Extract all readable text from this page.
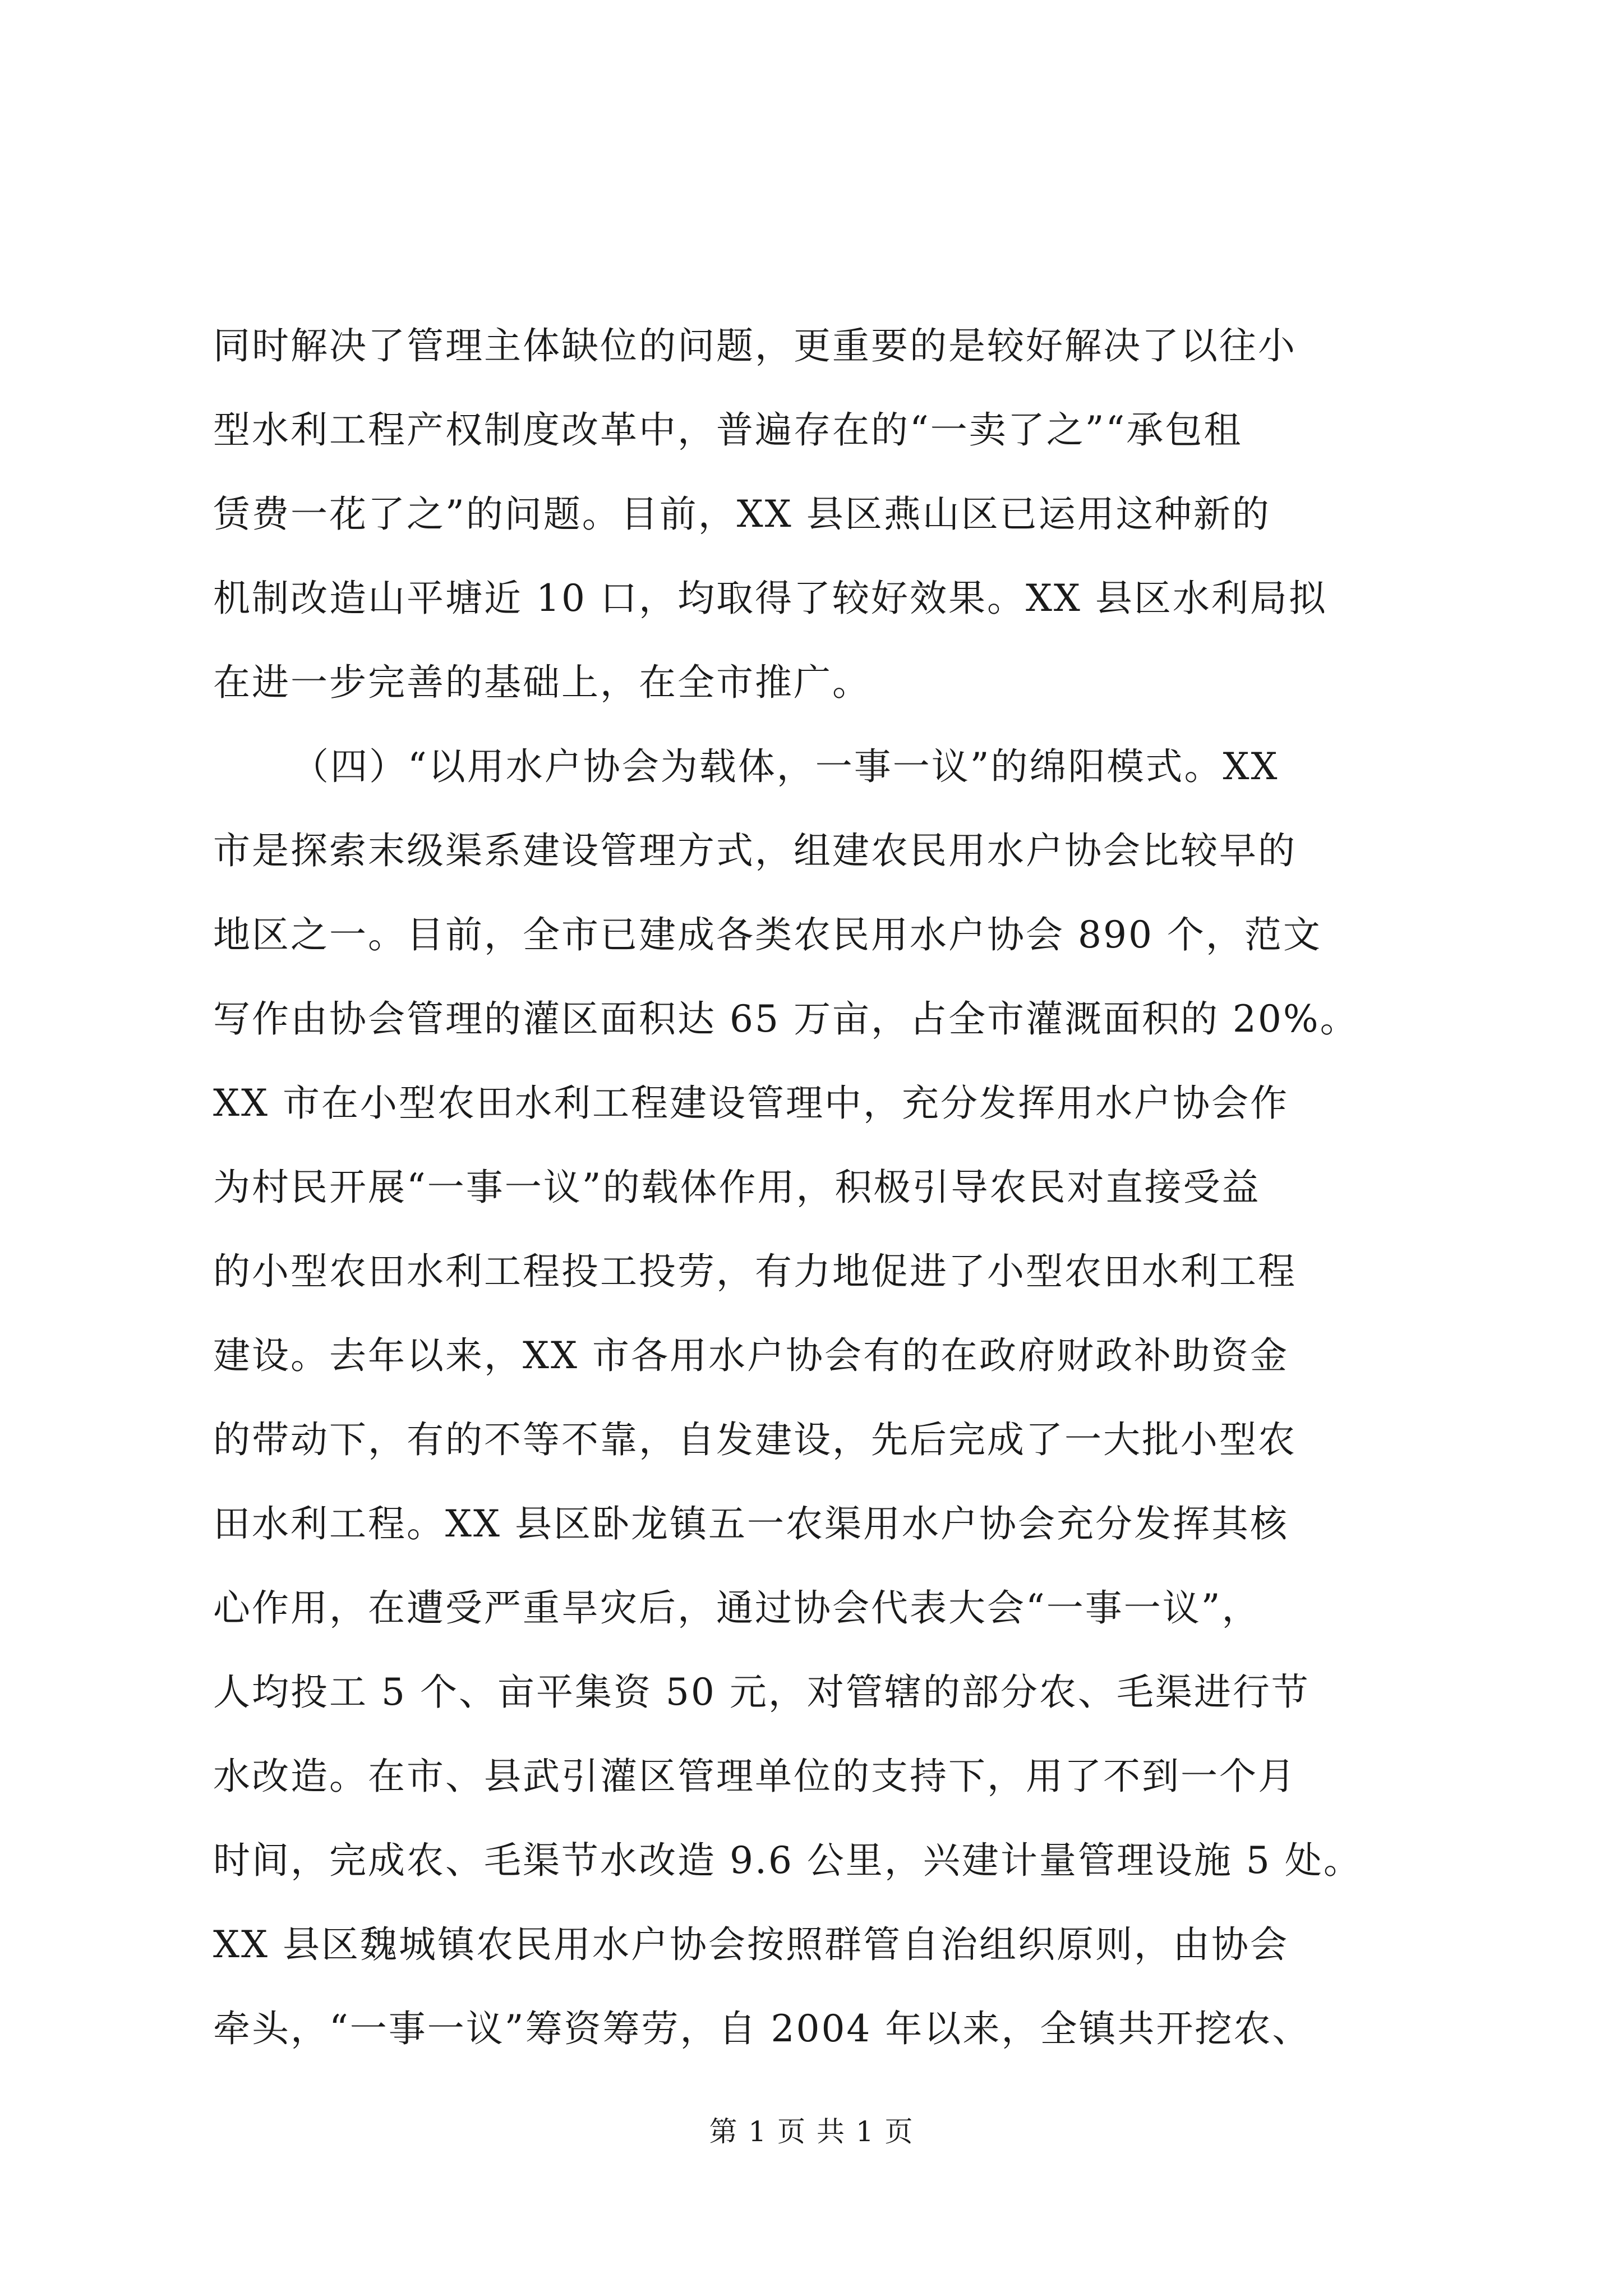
同时解决了管理主体缺位的问题，更重要的是较好解决了以往小
型水利工程产权制度改革中，普遍存在的“一卖了之”“承包租
赁费一花了之”的问题。目前，XX 县区燕山区已运用这种新的
机制改造山平塘近 10 口，均取得了较好效果。XX 县区水利局拟
在进一步完善的基础上，在全市推广。
（四）“以用水户协会为载体，一事一议”的绵阳模式。XX
市是探索末级渠系建设管理方式，组建农民用水户协会比较早的
地区之一。目前，全市已建成各类农民用水户协会 890 个，范文
写作由协会管理的灌区面积达 65 万亩，占全市灌溉面积的 20%。
XX 市在小型农田水利工程建设管理中，充分发挥用水户协会作
为村民开展“一事一议”的载体作用，积极引导农民对直接受益
的小型农田水利工程投工投劳，有力地促进了小型农田水利工程
建设。去年以来，XX 市各用水户协会有的在政府财政补助资金
的带动下，有的不等不靠，自发建设，先后完成了一大批小型农
田水利工程。XX 县区卧龙镇五一农渠用水户协会充分发挥其核
心作用，在遭受严重旱灾后，通过协会代表大会“一事一议”，
人均投工 5 个、亩平集资 50 元，对管辖的部分农、毛渠进行节
水改造。在市、县武引灌区管理单位的支持下，用了不到一个月
时间，完成农、毛渠节水改造 9.6 公里，兴建计量管理设施 5 处。
XX 县区魏城镇农民用水户协会按照群管自治组织原则，由协会
牵头，“一事一议”筹资筹劳，自 2004 年以来，全镇共开挖农、
第 1 页 共 1 页
